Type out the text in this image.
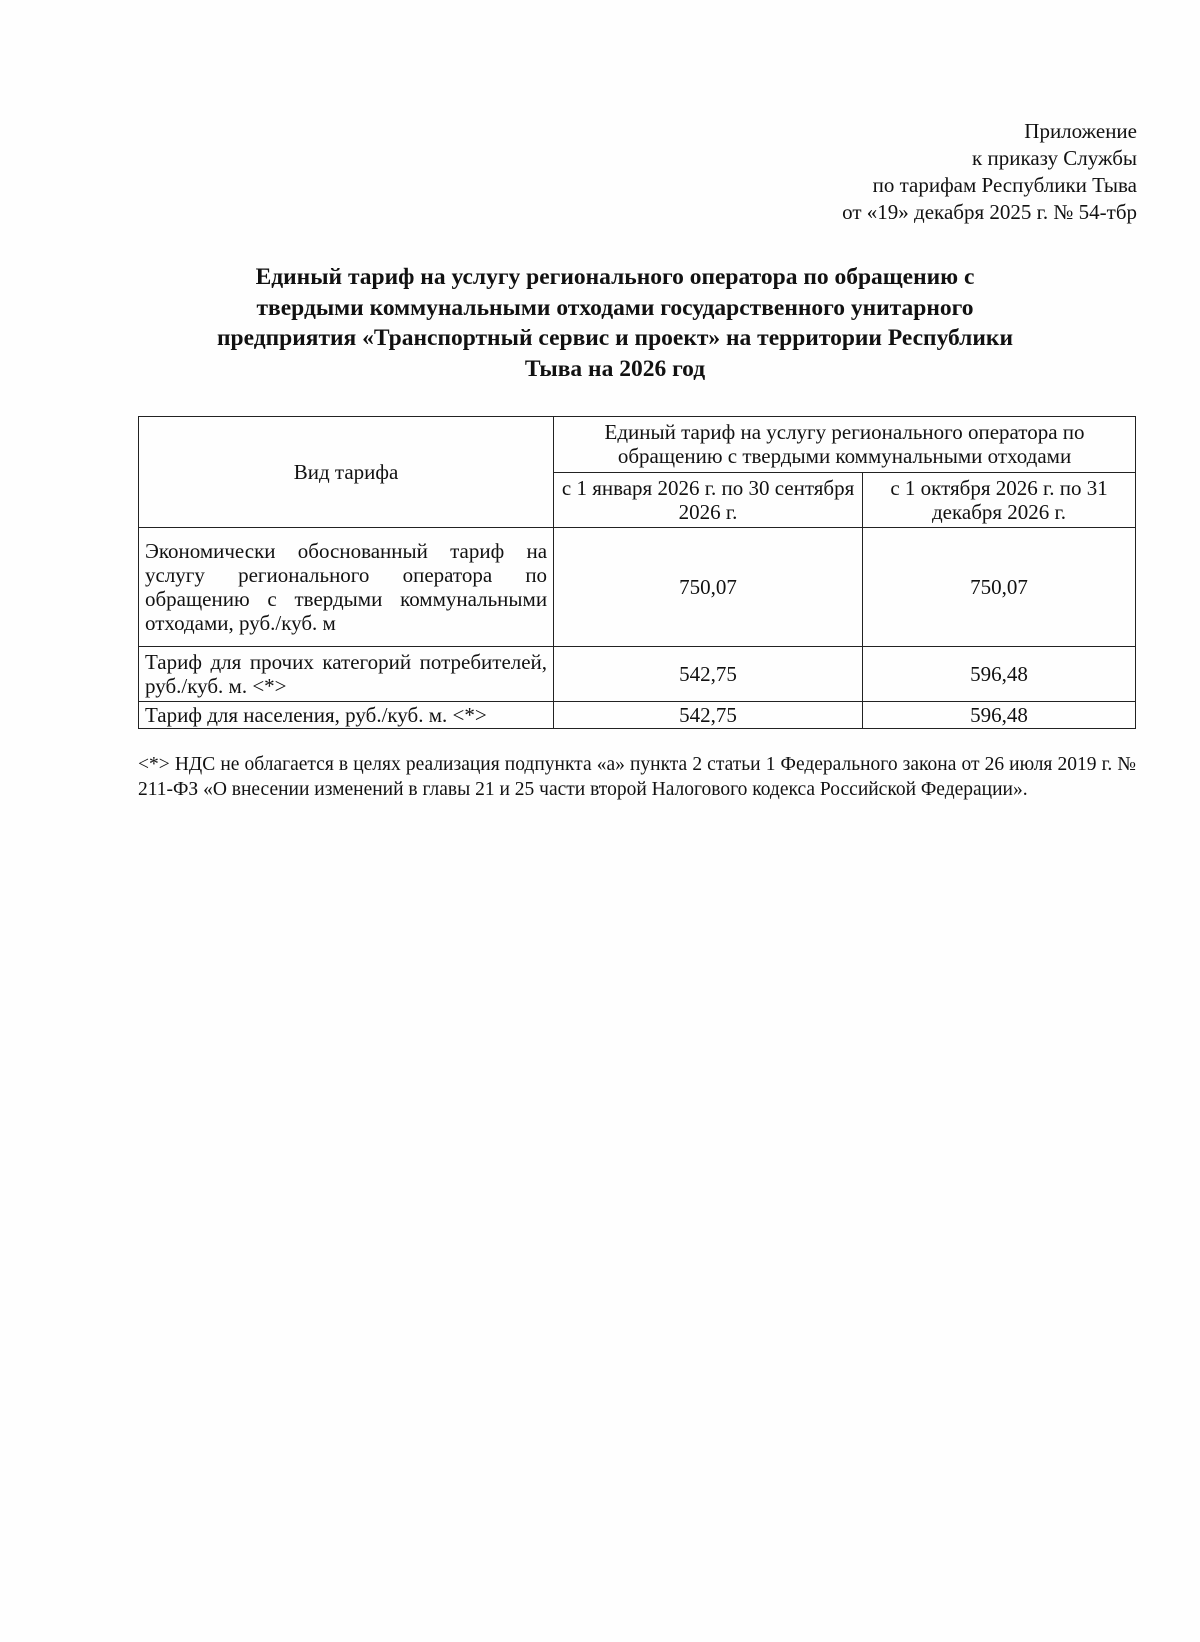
Приложение
к приказу Службы
по тарифам Республики Тыва
от «19» декабря 2025 г. № 54-тбр
Единый тариф на услугу регионального оператора по обращению с
твердыми коммунальными отходами государственного унитарного
предприятия «Транспортный сервис и проект» на территории Республики
Тыва на 2026 год
Вид тарифа	Единый тариф на услугу регионального оператора по обращению с твердыми коммунальными отходами	
	с 1 января 2026 г. по 30 сентября 2026 г.	с 1 октября 2026 г. по 31 декабря 2026 г.
Экономически обоснованный тариф на услугу регионального оператора по обращению с твердыми коммунальными отходами, руб./куб. м	750,07	750,07
Тариф для прочих категорий потребителей, руб./куб. м. <*>	542,75	596,48
Тариф для населения, руб./куб. м. <*>	542,75	596,48
<*> НДС не облагается в целях реализация подпункта «а» пункта 2 статьи 1 Федерального закона от 26 июля 2019 г. № 211-ФЗ «О внесении изменений в главы 21 и 25 части второй Налогового кодекса Российской Федерации».
